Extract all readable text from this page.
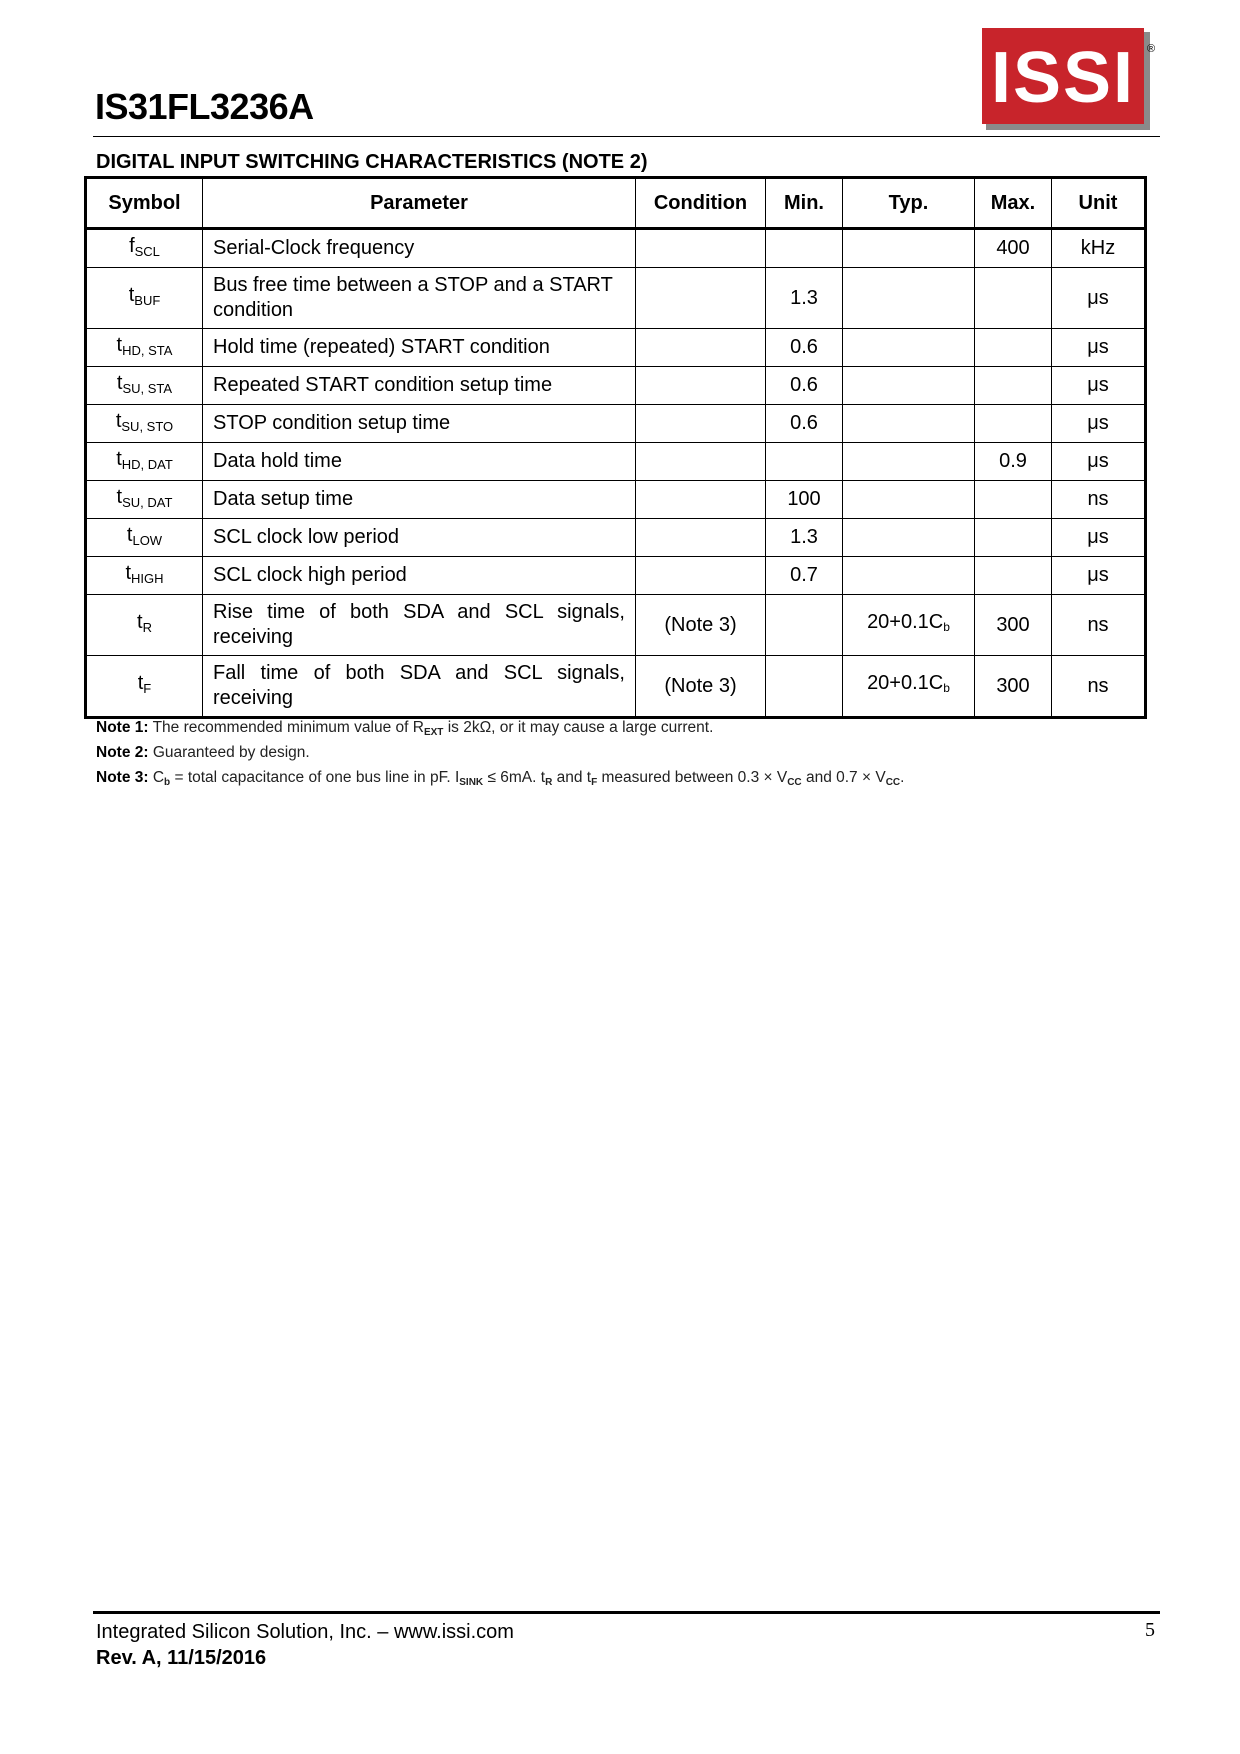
IS31FL3236A	ISSI ®
DIGITAL INPUT SWITCHING CHARACTERISTICS (NOTE 2)
Symbol	Parameter	Condition	Min.	Typ.	Max.	Unit
$f_{SCL}$	Serial-Clock frequency				400	kHz
$t_{BUF}$	Bus free time between a STOP and a START condition		1.3			μs
$t_{HD, STA}$	Hold time (repeated) START condition		0.6			μs
$t_{SU, STA}$	Repeated START condition setup time		0.6			μs
$t_{SU, STO}$	STOP condition setup time		0.6			μs
$t_{HD, DAT}$	Data hold time				0.9	μs
$t_{SU, DAT}$	Data setup time		100			ns
$t_{LOW}$	SCL clock low period		1.3			μs
$t_{HIGH}$	SCL clock high period		0.7			μs
$t_R$	Rise time of both SDA and SCL signals, receiving	(Note 3)		20+0.1Cb	300	ns
$t_F$	Fall time of both SDA and SCL signals, receiving	(Note 3)		20+0.1Cb	300	ns
Note 1: The recommended minimum value of REXT is 2kΩ, or it may cause a large current.
Note 2: Guaranteed by design.
Note 3: Cb = total capacitance of one bus line in pF. ISINK ≤ 6mA. tR and tF measured between 0.3 × VCC and 0.7 × VCC.
Integrated Silicon Solution, Inc. – www.issi.com
Rev. A, 11/15/2016
5
